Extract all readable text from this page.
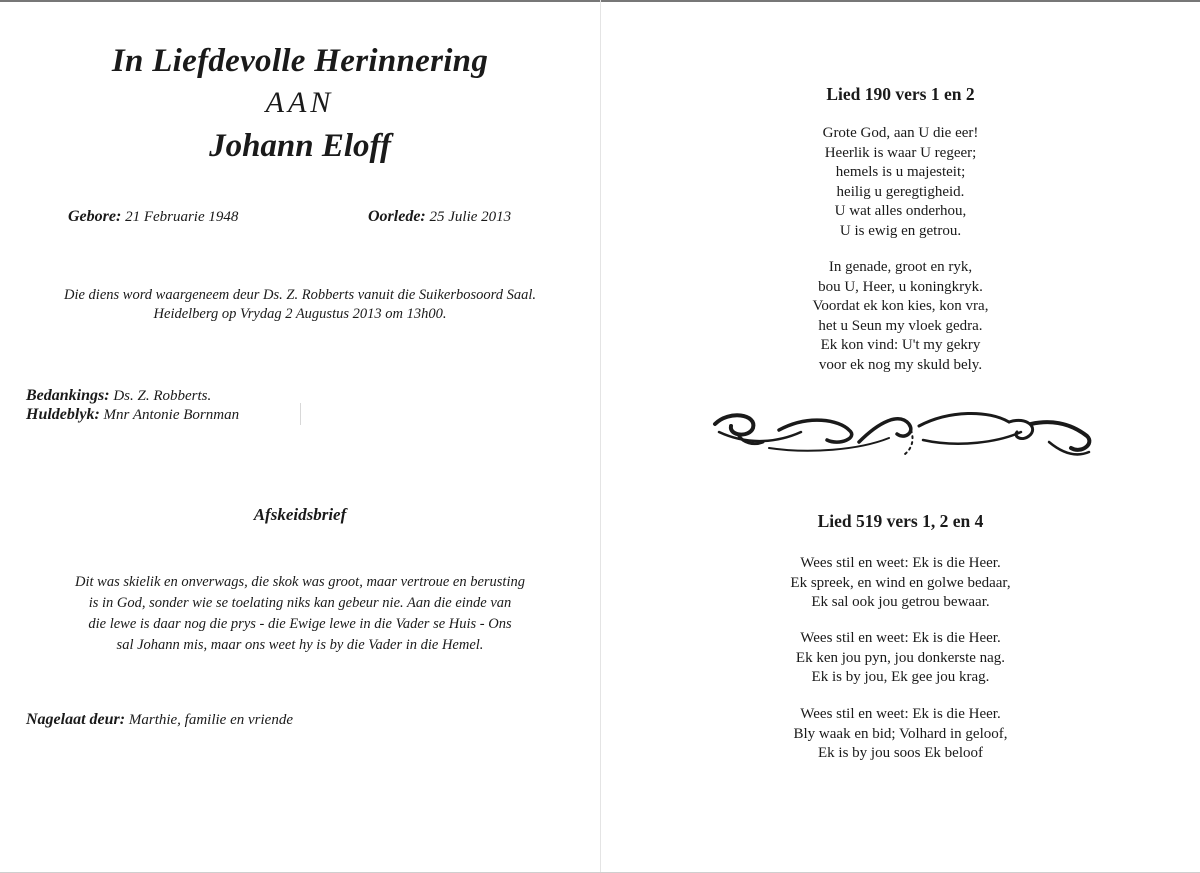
In Liefdevolle Herinnering
AAN
Johann Eloff
Gebore: 21 Februarie 1948	Oorlede: 25 Julie 2013
Die diens word waargeneem deur Ds. Z. Robberts vanuit die Suikerbosoord Saal.
Heidelberg op Vrydag 2 Augustus 2013 om 13h00.
Bedankings: Ds. Z. Robberts.
Huldeblyk: Mnr Antonie Bornman
Afskeidsbrief
Dit was skielik en onverwags, die skok was groot, maar vertroue en berusting
is in God, sonder wie se toelating niks kan gebeur nie. Aan die einde van
die lewe is daar nog die prys - die Ewige lewe in die Vader se Huis - Ons
sal Johann mis, maar ons weet hy is by die Vader in die Hemel.
Nagelaat deur: Marthie, familie en vriende
Lied 190 vers 1 en 2
Grote God, aan U die eer!
Heerlik is waar U regeer;
hemels is u majesteit;
heilig u geregtigheid.
U wat alles onderhou,
U is ewig en getrou.
In genade, groot en ryk,
bou U, Heer, u koningkryk.
Voordat ek kon kies, kon vra,
het u Seun my vloek gedra.
Ek kon vind: U't my gekry
voor ek nog my skuld bely.
Lied 519 vers 1, 2 en 4
Wees stil en weet: Ek is die Heer.
Ek spreek, en wind en golwe bedaar,
Ek sal ook jou getrou bewaar.
Wees stil en weet: Ek is die Heer.
Ek ken jou pyn, jou donkerste nag.
Ek is by jou, Ek gee jou krag.
Wees stil en weet: Ek is die Heer.
Bly waak en bid; Volhard in geloof,
Ek is by jou soos Ek beloof
